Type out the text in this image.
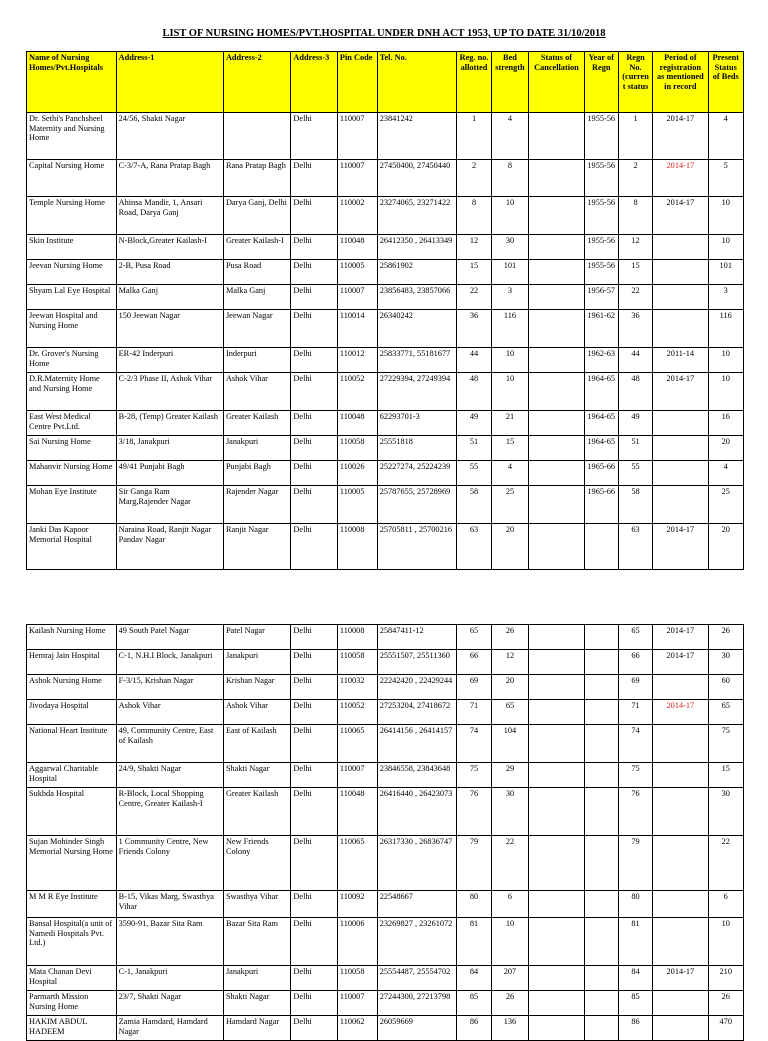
LIST OF NURSING HOMES/PVT.HOSPITAL UNDER DNH ACT 1953, UP TO DATE 31/10/2018
Name of Nursing Homes/Pvt.Hospitals	Address-1	Address-2	Address-3	Pin Code	Tel. No.	Reg. no. allotted	Bed strength	Status of Cancellation	Year of Regn	Regn No. (current status	Period of registration as mentioned in record	Present Status of Beds
Dr. Sethi's Panchsheel Maternity and Nursing Home	24/56, Shakti Nagar		Delhi	110007	23841242	1	4		1955-56	1	2014-17	4
Capital Nursing Home	C-3/7-A, Rana Pratap Bagh	Rana Pratap Bagh	Delhi	110007	27450400, 27450440	2	8		1955-56	2	2014-17	5
Temple Nursing Home	Ahinsa Mandir, 1, Ansari Road, Darya Ganj	Darya Ganj, Delhi	Delhi	110002	23274065, 23271422	8	10		1955-56	8	2014-17	10
Skin Institute	N-Block,Greater Kailash-I	Greater Kailash-I	Delhi	110048	26412350 , 26413349	12	30		1955-56	12		10
Jeevan Nursing Home	2-B, Pusa Road	Pusa Road	Delhi	110005	25861902	15	101		1955-56	15		101
Shyam Lal Eye Hospital	Malka Ganj	Malka Ganj	Delhi	110007	23856483, 23857066	22	3		1956-57	22		3
Jeewan Hospital and Nursing Home	150 Jeewan Nagar	Jeewan Nagar	Delhi	110014	26340242	36	116		1961-62	36		116
Dr. Grover's Nursing Home	ER-42 Inderpuri	Inderpuri	Delhi	110012	25833771, 55181677	44	10		1962-63	44	2011-14	10
D.R.Maternity Home and Nursing Home	C-2/3 Phase II, Ashok Vihar	Ashok Vihar	Delhi	110052	27229394, 27249394	48	10		1964-65	48	2014-17	10
East West Medical Centre Pvt.Ltd.	B-28, (Temp) Greater Kailash	Greater Kailash	Delhi	110048	62293701-3	49	21		1964-65	49		16
Sai Nursing Home	3/18, Janakpuri	Janakpuri	Delhi	110058	25551818	51	15		1964-65	51		20
Mahanvir Nursing Home	49/41 Punjabi Bagh	Punjabi Bagh	Delhi	110026	25227274, 25224239	55	4		1965-66	55		4
Mohan Eye Institute	Sir Ganga Ram Marg,Rajender Nagar	Rajender Nagar	Delhi	110005	25787655, 25728969	58	25		1965-66	58		25
Janki Das Kapoor Memorial Hospital	Naraina Road, Ranjit Nagar Pandav Nagar	Ranjit Nagar	Delhi	110008	25705811 , 25700216	63	20			63	2014-17	20
Kailash Nursing Home	49 South Patel Nagar	Patel Nagar	Delhi	110008	25847411-12	65	26			65	2014-17	26
Hemraj Jain Hospital	C-1, N.H.I Block, Janakpuri	Janakpuri	Delhi	110058	25551507, 25511360	66	12			66	2014-17	30
Ashok Nursing Home	F-3/15, Krishan Nagar	Krishan Nagar	Delhi	110032	22242420 , 22429244	69	20			69		60
Jivodaya Hospital	Ashok Vihar	Ashok Vihar	Delhi	110052	27253204, 27418672	71	65			71	2014-17	65
National Heart Institute	49, Community Centre, East of Kailash	East of Kailash	Delhi	110065	26414156 , 26414157	74	104			74		75
Aggarwal Charitable Hospital	24/9, Shakti Nagar	Shakti Nagar	Delhi	110007	23846558, 23843648	75	29			75		15
Sukhda Hospital	R-Block, Local Shopping Centre, Greater Kailash-I	Greater Kailash	Delhi	110048	26416440 , 26423073	76	30			76		30
Sujan Mohinder Singh Memorial Nursing Home	1 Community Centre, New Friends Colony	New Friends Colony	Delhi	110065	26317330 , 26836747	79	22			79		22
M M R Eye Institute	B-15, Vikas Marg, Swasthya Vihar	Swasthya Vihar	Delhi	110092	22548667	80	6			80		6
Bansal Hospital(a unit of Namedi Hospitals Pvt. Ltd.)	3590-91, Bazar Sita Ram	Bazar Sita Ram	Delhi	110006	23269827 , 23261072	81	10			81		10
Mata Chanan Devi Hospital	C-1, Janakpuri	Janakpuri	Delhi	110058	25554487, 25554702	84	207			84	2014-17	210
Parmarth Mission Nursing Home	23/7, Shakti Nagar	Shakti Nagar	Delhi	110007	27244300, 27213798	85	26			85		26
HAKIM ABDUL HADEEM	Zamia Hamdard, Hamdard Nagar	Hamdard Nagar	Delhi	110062	26059669	86	136			86		470
